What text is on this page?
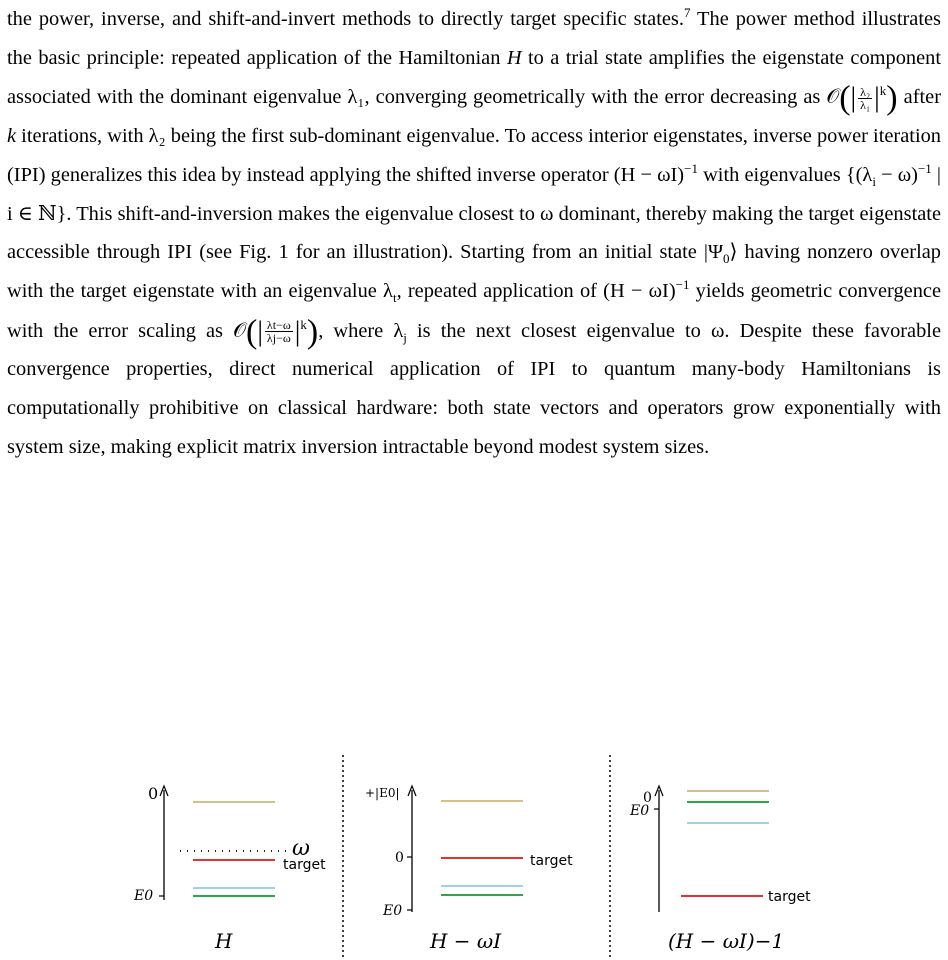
the power, inverse, and shift-and-invert methods to directly target specific states.$^7$ The power method illustrates the basic principle: repeated application of the Hamiltonian H to a trial state amplifies the eigenstate component associated with the dominant eigenvalue λ₁, converging geometrically with the error decreasing as 𝒪(| $\frac{\text{λ₂}}{\text{λ₁}} |^k$) after k iterations, with λ₂ being the first sub-dominant eigenvalue. To access interior eigenstates, inverse power iteration (IPI) generalizes this idea by instead applying the shifted inverse operator $(H - \omega I)^{-1}$ with eigenvalues {$(\lambda_i - \omega)^{-1}$ | i ∈ ℕ}. This shift-and-inversion makes the eigenvalue closest to ω dominant, thereby making the target eigenstate accessible through IPI (see Fig. 1 for an illustration). Starting from an initial state $|\Psi_0⟩$ having nonzero overlap with the target eigenstate with an eigenvalue $\lambda_t$, repeated application of $(H - \omega I)^{-1}$ yields geometric convergence with the error scaling as 𝒪(| $\frac{\lambda t-\omega}{\lambda j-\omega} |^k$), where $\lambda_j$ is the next closest eigenvalue to ω. Despite these favorable convergence properties, direct numerical application of IPI to quantum many-body Hamiltonians is computationally prohibitive on classical hardware: both state vectors and operators grow exponentially with system size, making explicit matrix inversion intractable beyond modest system sizes.

0
E0
ω
target
H
+|E0|
0
E0
target
H − ωI
0
E0
target
(H − ωI)−1
